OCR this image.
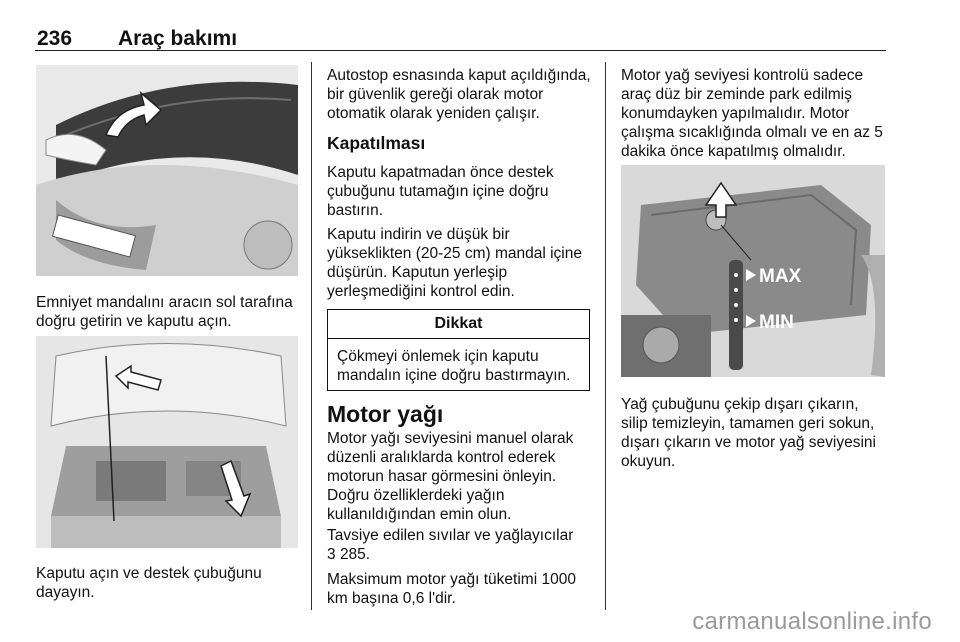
236 Araç bakımı
Emniyet mandalını aracın sol tarafına doğru getirin ve kaputu açın.
Kaputu açın ve destek çubuğunu dayayın.
Autostop esnasında kaput açıldığında, bir güvenlik gereği olarak motor otomatik olarak yeniden çalışır.
Kapatılması
Kaputu kapatmadan önce destek çubuğunu tutamağın içine doğru bastırın.
Kaputu indirin ve düşük bir yükseklikten (20-25 cm) mandal içine düşürün. Kaputun yerleşip yerleşmediğini kontrol edin.
Dikkat
Çökmeyi önlemek için kaputu mandalın içine doğru bastırmayın.
Motor yağı
Motor yağı seviyesini manuel olarak düzenli aralıklarda kontrol ederek motorun hasar görmesini önleyin. Doğru özelliklerdeki yağın kullanıldığından emin olun.

Tavsiye edilen sıvılar ve yağlayıcılar

3 285.

Maksimum motor yağı tüketimi 1000 km başına 0,6 l'dir.
Motor yağ seviyesi kontrolü sadece araç düz bir zeminde park edilmiş konumdayken yapılmalıdır. Motor çalışma sıcaklığında olmalı ve en az 5 dakika önce kapatılmış olmalıdır.
MAX
MIN
Yağ çubuğunu çekip dışarı çıkarın, silip temizleyin, tamamen geri sokun, dışarı çıkarın ve motor yağ seviyesini okuyun.
carmanualsonline.info
